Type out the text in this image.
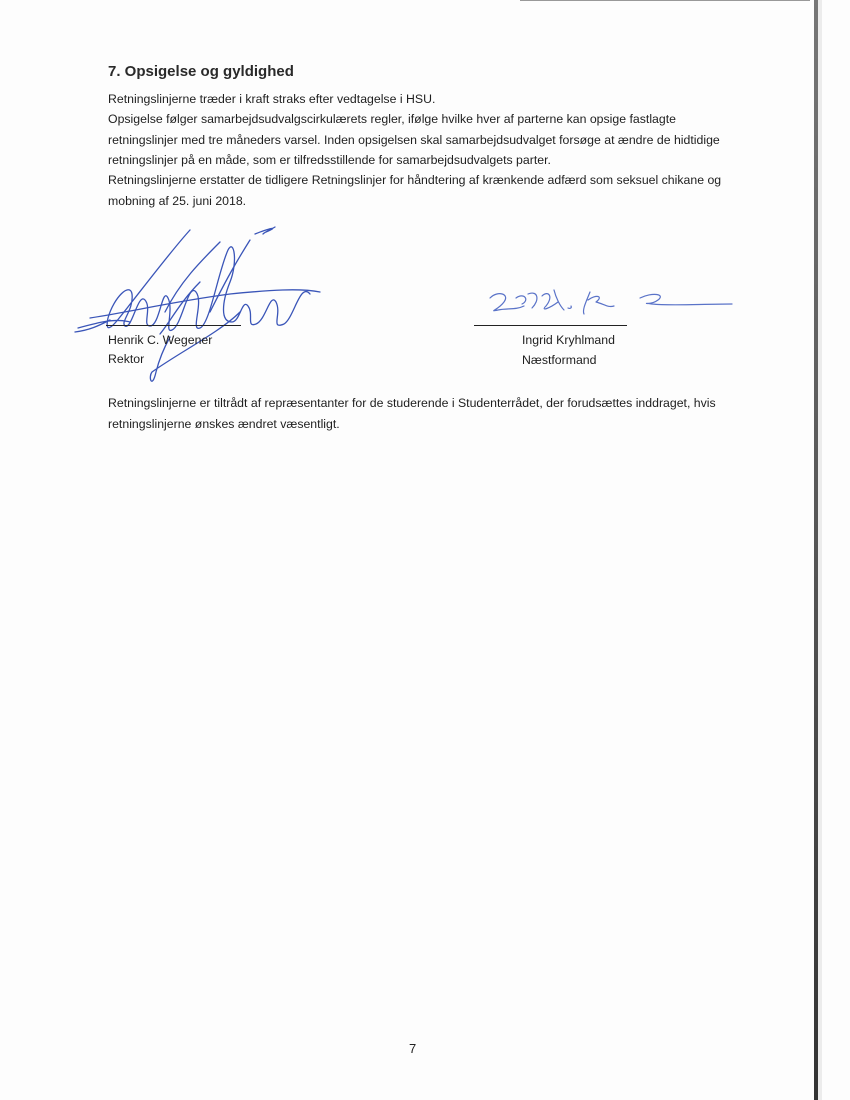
7. Opsigelse og gyldighed

Retningslinjerne træder i kraft straks efter vedtagelse i HSU.

Opsigelse følger samarbejdsudvalgscirkulærets regler, ifølge hvilke hver af parterne kan opsige fastlagte retningslinjer med tre måneders varsel. Inden opsigelsen skal samarbejdsudvalget forsøge at ændre de hidtidige retningslinjer på en måde, som er tilfredsstillende for samarbejdsudvalgets parter.

Retningslinjerne erstatter de tidligere Retningslinjer for håndtering af krænkende adfærd som seksuel chikane og mobning af 25. juni 2018.

Henrik C. Wegener

Rektor

Ingrid Kryhlmand

Næstformand

Retningslinjerne er tiltrådt af repræsentanter for de studerende i Studenterrådet, der forudsættes inddraget, hvis retningslinjerne ønskes ændret væsentligt.

7
